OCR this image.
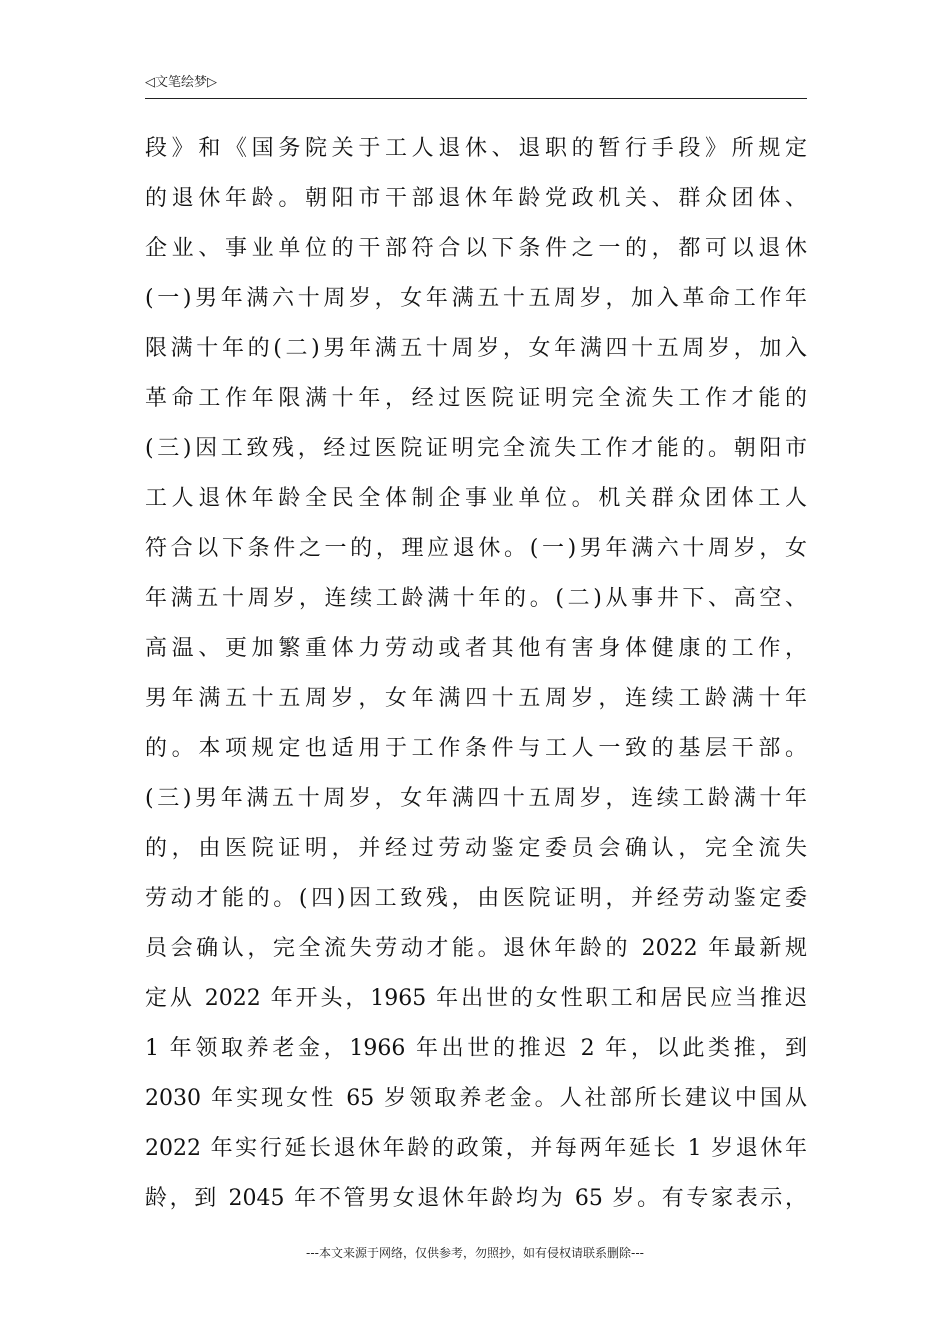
◁文笔绘梦▷
段》和《国务院关于工人退休、退职的暂行手段》所规定
的退休年龄。朝阳市干部退休年龄党政机关、群众团体、
企业、事业单位的干部符合以下条件之一的，都可以退休
(一)男年满六十周岁，女年满五十五周岁，加入革命工作年
限满十年的(二)男年满五十周岁，女年满四十五周岁，加入
革命工作年限满十年，经过医院证明完全流失工作才能的
(三)因工致残，经过医院证明完全流失工作才能的。朝阳市
工人退休年龄全民全体制企事业单位。机关群众团体工人
符合以下条件之一的，理应退休。(一)男年满六十周岁，女
年满五十周岁，连续工龄满十年的。(二)从事井下、高空、
高温、更加繁重体力劳动或者其他有害身体健康的工作，
男年满五十五周岁，女年满四十五周岁，连续工龄满十年
的。本项规定也适用于工作条件与工人一致的基层干部。
(三)男年满五十周岁，女年满四十五周岁，连续工龄满十年
的，由医院证明，并经过劳动鉴定委员会确认，完全流失
劳动才能的。(四)因工致残，由医院证明，并经劳动鉴定委
员会确认，完全流失劳动才能。退休年龄的 2022 年最新规
定从 2022 年开头，1965 年出世的女性职工和居民应当推迟
1 年领取养老金，1966 年出世的推迟 2 年，以此类推，到
2030 年实现女性 65 岁领取养老金。人社部所长建议中国从
2022 年实行延长退休年龄的政策，并每两年延长 1 岁退休年
龄，到 2045 年不管男女退休年龄均为 65 岁。有专家表示，
---本文来源于网络，仅供参考，勿照抄，如有侵权请联系删除---
